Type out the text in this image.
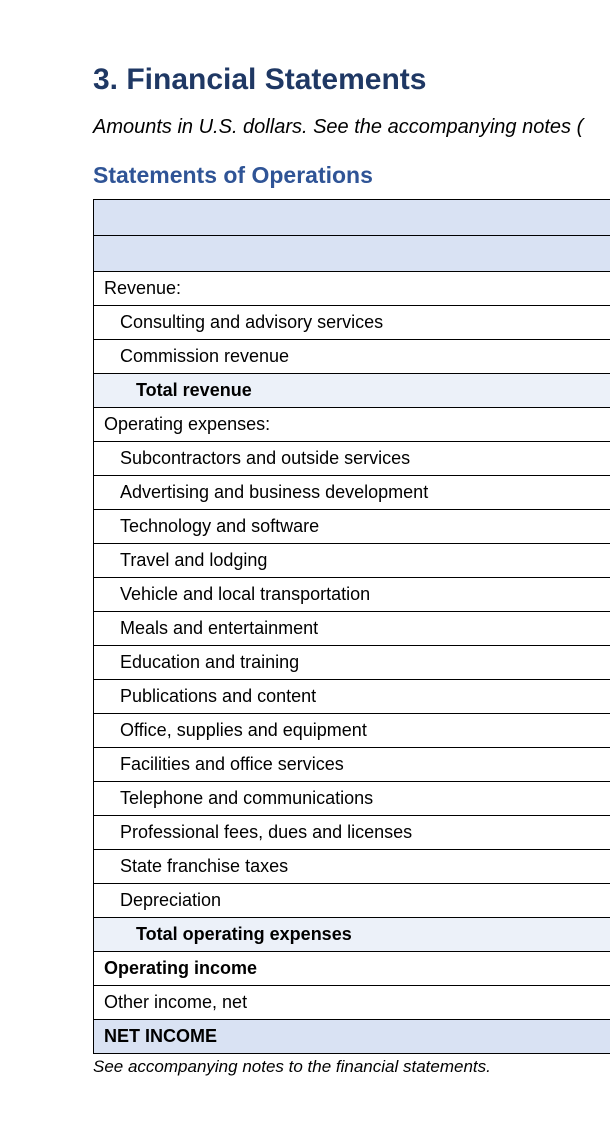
3. Financial Statements

Amounts in U.S. dollars. See the accompanying notes (

Statements of Operations

Revenue:
Consulting and advisory services
Commission revenue
Total revenue
Operating expenses:
Subcontractors and outside services
Advertising and business development
Technology and software
Travel and lodging
Vehicle and local transportation
Meals and entertainment
Education and training
Publications and content
Office, supplies and equipment
Facilities and office services
Telephone and communications
Professional fees, dues and licenses
State franchise taxes
Depreciation
Total operating expenses
Operating income
Other income, net
NET INCOME

See accompanying notes to the financial statements.
